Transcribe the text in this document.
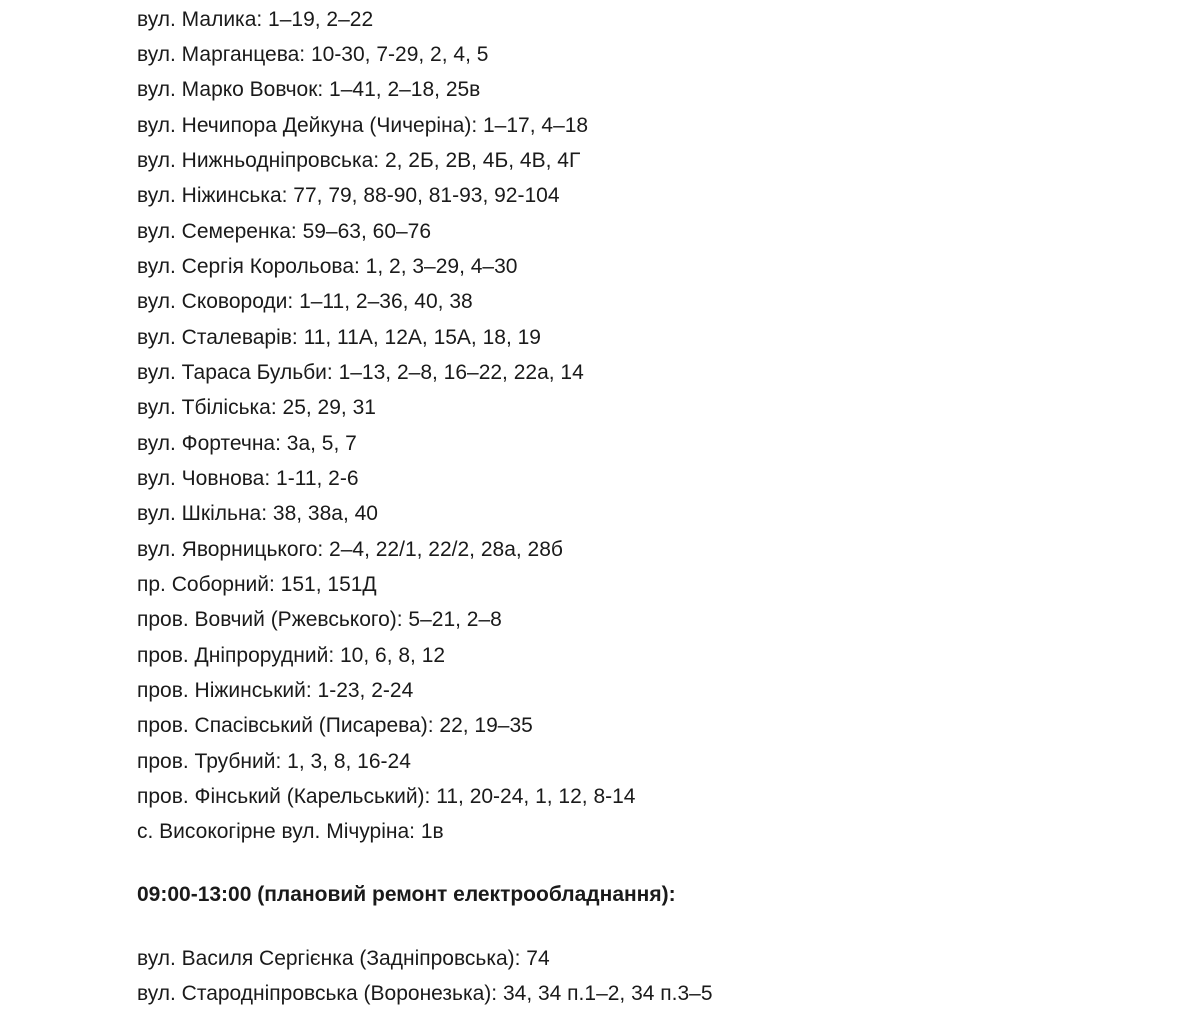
вул. Малика: 1–19, 2–22
вул. Марганцева: 10-30, 7-29, 2, 4, 5
вул. Марко Вовчок: 1–41, 2–18, 25в
вул. Нечипора Дейкуна (Чичеріна): 1–17, 4–18
вул. Нижньодніпровська: 2, 2Б, 2В, 4Б, 4В, 4Г
вул. Ніжинська: 77, 79, 88-90, 81-93, 92-104
вул. Семеренка: 59–63, 60–76
вул. Сергія Корольова: 1, 2, 3–29, 4–30
вул. Сковороди: 1–11, 2–36, 40, 38
вул. Сталеварів: 11, 11А, 12А, 15А, 18, 19
вул. Тараса Бульби: 1–13, 2–8, 16–22, 22а, 14
вул. Тбіліська: 25, 29, 31
вул. Фортечна: 3а, 5, 7
вул. Човнова: 1-11, 2-6
вул. Шкільна: 38, 38а, 40
вул. Яворницького: 2–4, 22/1, 22/2, 28а, 28б
пр. Соборний: 151, 151Д
пров. Вовчий (Ржевського): 5–21, 2–8
пров. Дніпрорудний: 10, 6, 8, 12
пров. Ніжинський: 1-23, 2-24
пров. Спасівський (Писарева): 22, 19–35
пров. Трубний: 1, 3, 8, 16-24
пров. Фінський (Карельський): 11, 20-24, 1, 12, 8-14
с. Високогірне вул. Мічуріна: 1в
09:00-13:00 (плановий ремонт електрообладнання):
вул. Василя Сергієнка (Задніпровська): 74
вул. Стародніпровська (Воронезька): 34, 34 п.1–2, 34 п.3–5
